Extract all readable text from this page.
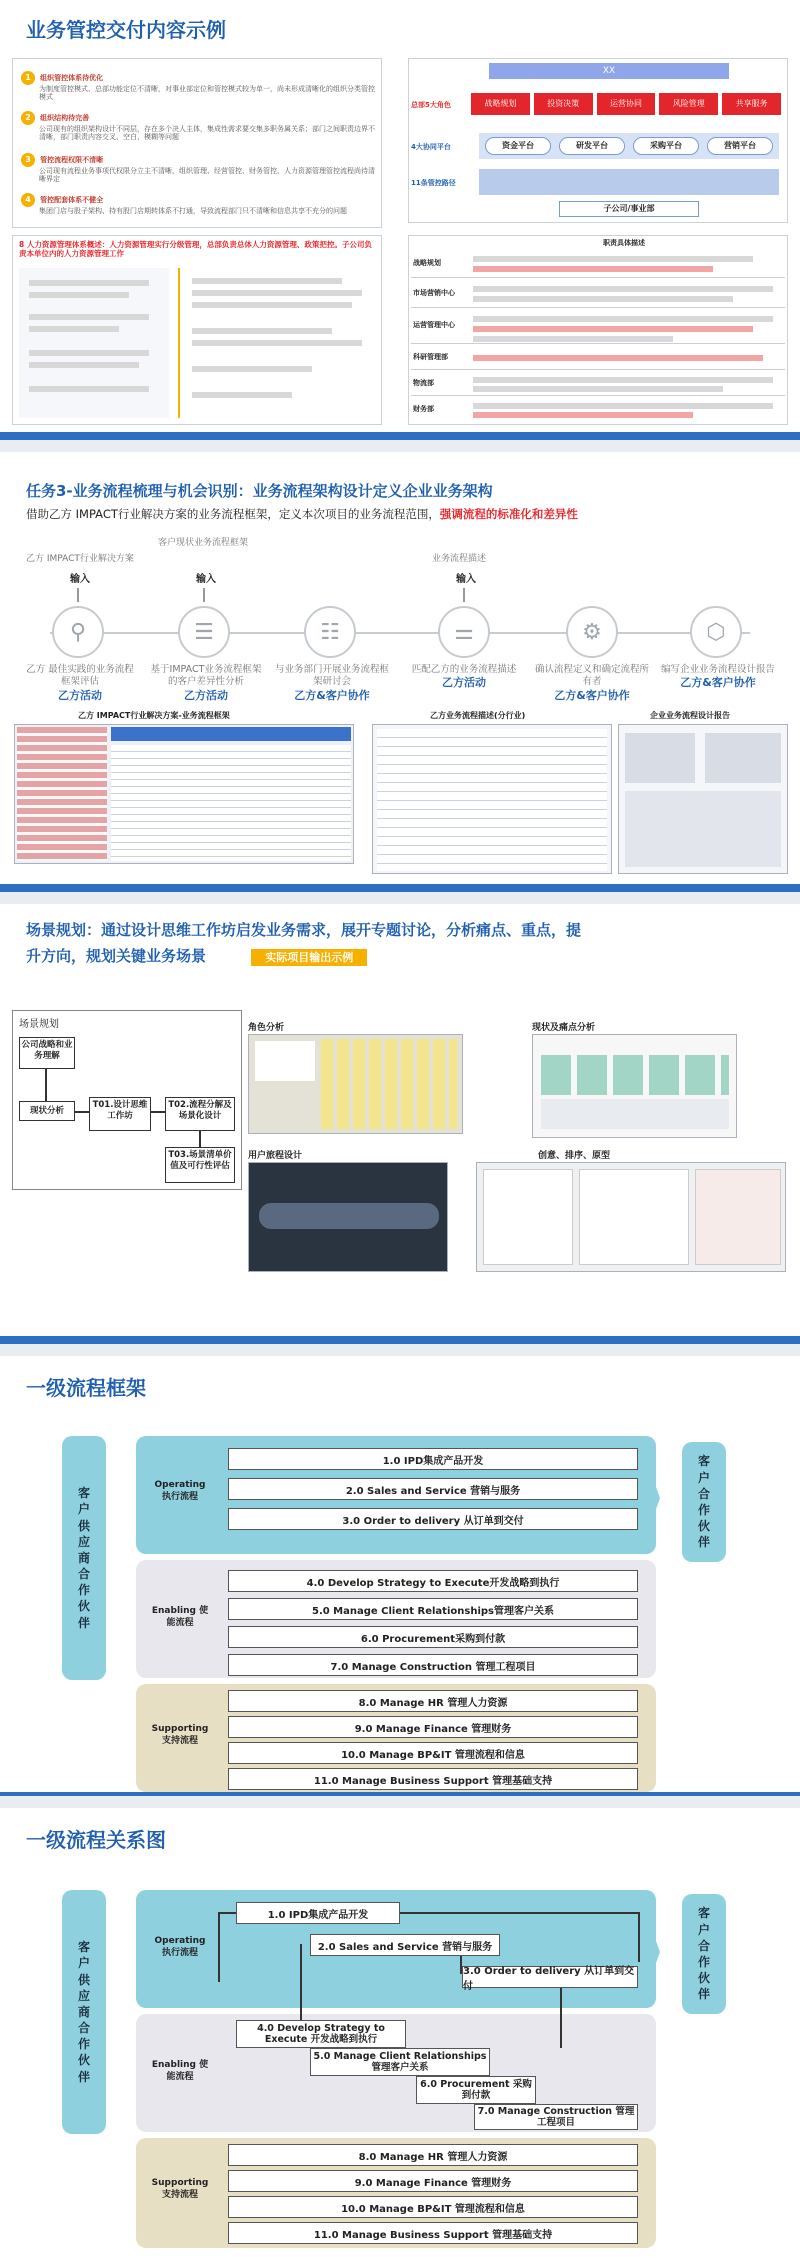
业务管控交付内容示例
1 组织管控体系待优化
为制度管控模式、总部功能定位不清晰，对事业部定位和管控模式较为单一，尚未形成清晰化的组织分类管控模式
2 组织结构待完善
公司现有的组织架构设计不同层，存在多个决人主体，集成性需求要交集多职务属关系；部门之间职责边界不清晰，部门职责内容交叉、空白、模糊等问题
3 管控流程权限不清晰
公司现有流程业务事项代权限分立主不清晰，组织管理、经营管控、财务管控、人力资源管理管控流程尚待清晰界定
4 管控配套体系不健全
集团门店与股子架构、持有股门店期转体系不打通，导致流程部门只不清晰和信息共享不充分的问题
8 人力资源管理体系概述：人力资源管理实行分级管理，总部负责总体人力资源管理、政策把控。子公司负责本单位内的人力资源管理工作
XX
总部5大角色	战略规划	投资决策	运营协同	风险管理	共享服务
4大协同平台	资金平台	研发平台	采购平台	营销平台
11条管控路径
子公司/事业部
职责具体描述
战略规划
市场营销中心
运营管理中心
科研管理部
物流部
财务部
任务3-业务流程梳理与机会识别：业务流程架构设计定义企业业务架构
借助乙方 IMPACT行业解决方案的业务流程框架，定义本次项目的业务流程范围，强调流程的标准化和差异性
乙方 IMPACT行业解决方案
输入
客户现状业务流程框架
输入
业务流程描述
输入
⚲	☰	☷	⚌	⚙	⬡
乙方 最佳实践的业务流程框架评估
乙方活动
基于IMPACT业务流程框架的客户差异性分析
乙方活动
与业务部门开展业务流程框架研讨会
乙方&客户协作
匹配乙方的业务流程描述
乙方活动
确认流程定义和确定流程所有者
乙方&客户协作
编写企业业务流程设计报告
乙方&客户协作
乙方 IMPACT行业解决方案-业务流程框架	乙方业务流程描述(分行业)	企业业务流程设计报告
场景规划：通过设计思维工作坊启发业务需求，展开专题讨论，分析痛点、重点，提
升方向，规划关键业务场景	实际项目输出示例
场景规划
公司战略和业务理解
现状分析
T01.设计思维工作坊
T02.流程分解及场景化设计
T03.场景清单价值及可行性评估
角色分析	现状及痛点分析
用户旅程设计	创意、排序、原型
一级流程框架
客户供应商合作伙伴
客户合作伙伴
Operating 执行流程
Enabling 使能流程
Supporting 支持流程
1.0 IPD集成产品开发
2.0 Sales and Service 营销与服务
3.0 Order to delivery 从订单到交付
4.0 Develop Strategy to Execute开发战略到执行
5.0 Manage Client Relationships管理客户关系
6.0 Procurement采购到付款
7.0 Manage Construction 管理工程项目
8.0 Manage HR 管理人力资源
9.0 Manage Finance 管理财务
10.0 Manage BP&IT 管理流程和信息
11.0 Manage Business Support 管理基础支持
一级流程关系图
客户供应商合作伙伴
客户合作伙伴
Operating 执行流程
Enabling 使能流程
Supporting 支持流程
1.0 IPD集成产品开发
2.0 Sales and Service 营销与服务
3.0 Order to delivery 从订单到交付
4.0 Develop Strategy to Execute 开发战略到执行
5.0 Manage Client Relationships 管理客户关系
6.0 Procurement 采购到付款
7.0 Manage Construction 管理工程项目
8.0 Manage HR 管理人力资源
9.0 Manage Finance 管理财务
10.0 Manage BP&IT 管理流程和信息
11.0 Manage Business Support 管理基础支持
